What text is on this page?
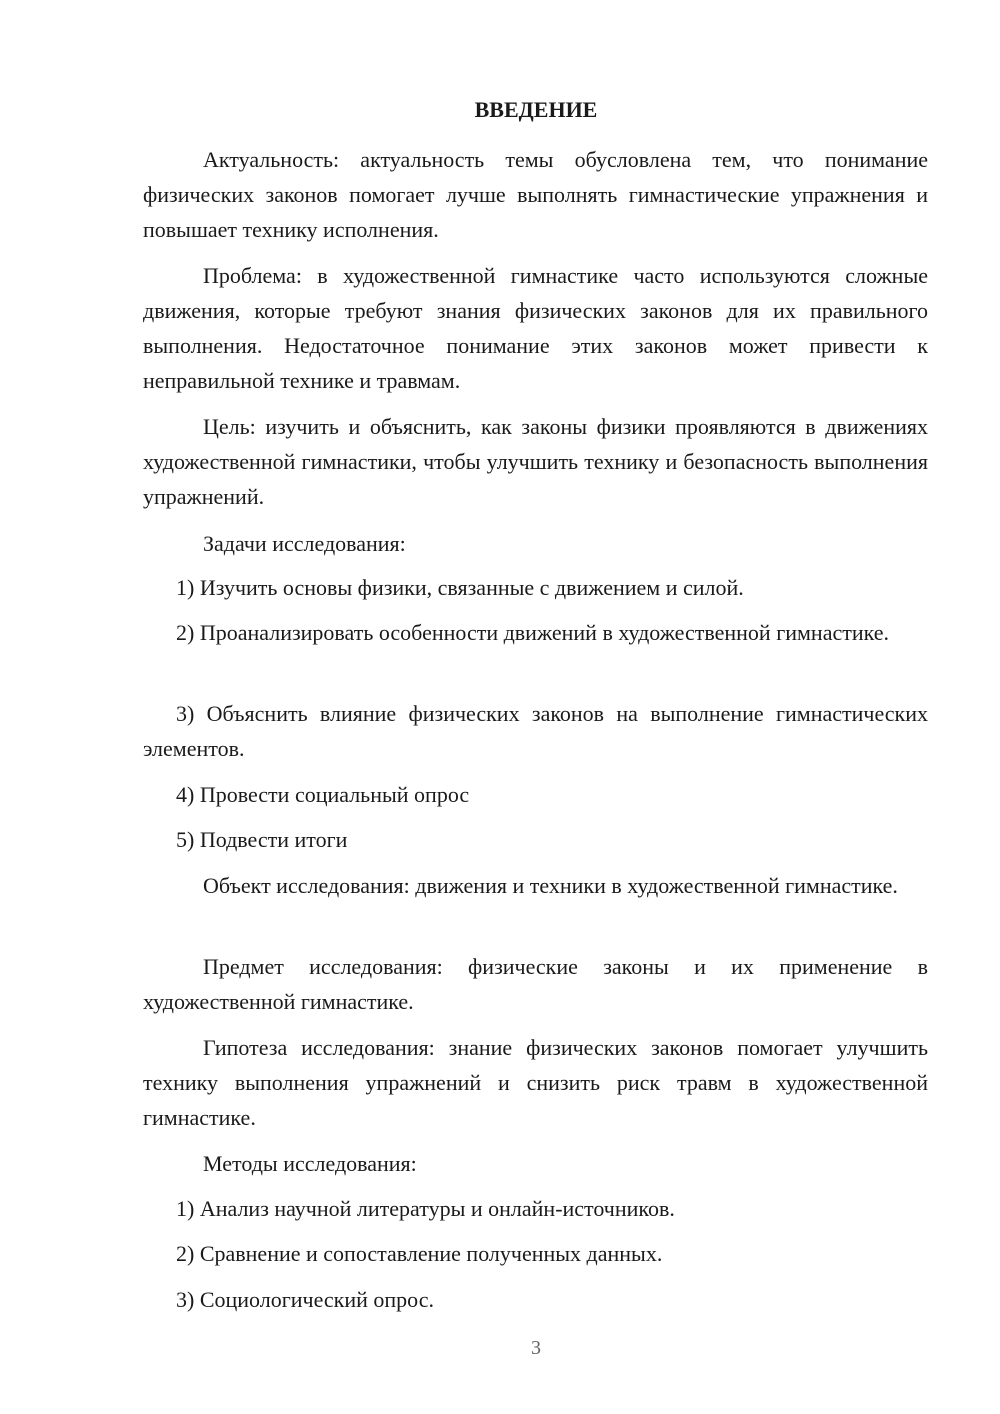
ВВЕДЕНИЕ

Актуальность: актуальность темы обусловлена тем, что понимание физических законов помогает лучше выполнять гимнастические упражнения и повышает технику исполнения.

Проблема: в художественной гимнастике часто используются сложные движения, которые требуют знания физических законов для их правильного выполнения. Недостаточное понимание этих законов может привести к неправильной технике и травмам.

Цель: изучить и объяснить, как законы физики проявляются в движениях художественной гимнастики, чтобы улучшить технику и безопасность выполнения упражнений.

Задачи исследования:

1) Изучить основы физики, связанные с движением и силой.

2) Проанализировать особенности движений в художественной гимнастике.

3) Объяснить влияние физических законов на выполнение гимнастических элементов.

4) Провести социальный опрос

5) Подвести итоги

Объект исследования: движения и техники в художественной гимнастике.

Предмет исследования: физические законы и их применение в художественной гимнастике.

Гипотеза исследования: знание физических законов помогает улучшить технику выполнения упражнений и снизить риск травм в художественной гимнастике.

Методы исследования:

1) Анализ научной литературы и онлайн-источников.

2) Сравнение и сопоставление полученных данных.

3) Социологический опрос.

3
